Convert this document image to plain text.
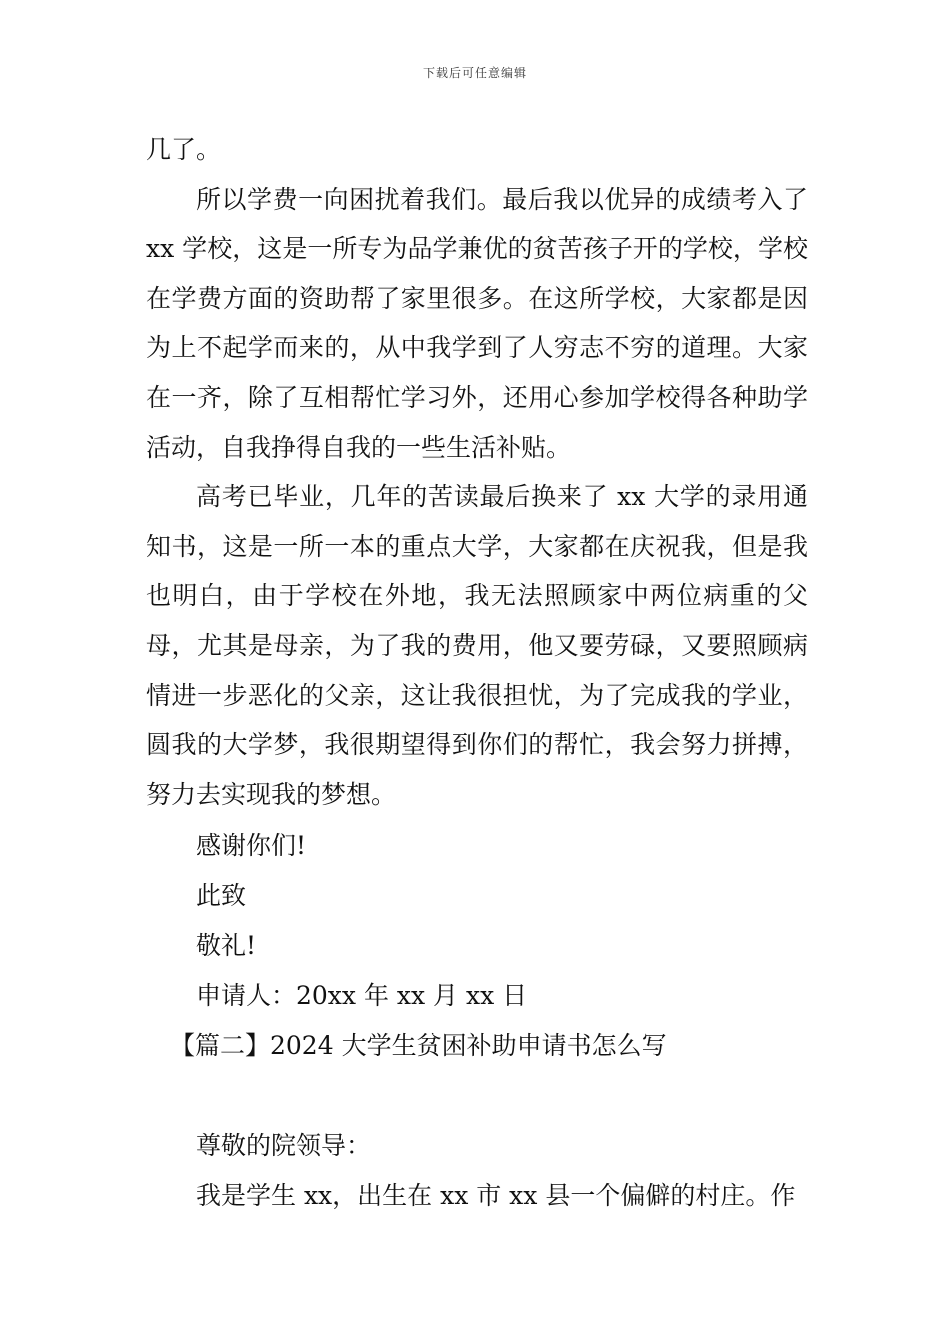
下载后可任意编辑

几了。

所以学费一向困扰着我们。最后我以优异的成绩考入了 xx 学校，这是一所专为品学兼优的贫苦孩子开的学校，学校在学费方面的资助帮了家里很多。在这所学校，大家都是因为上不起学而来的，从中我学到了人穷志不穷的道理。大家在一齐，除了互相帮忙学习外，还用心参加学校得各种助学活动，自我挣得自我的一些生活补贴。

高考已毕业，几年的苦读最后换来了 xx 大学的录用通知书，这是一所一本的重点大学，大家都在庆祝我，但是我也明白，由于学校在外地，我无法照顾家中两位病重的父母，尤其是母亲，为了我的费用，他又要劳碌，又要照顾病情进一步恶化的父亲，这让我很担忧，为了完成我的学业，圆我的大学梦，我很期望得到你们的帮忙，我会努力拼搏，努力去实现我的梦想。

感谢你们!

此致

敬礼!

申请人：20xx 年 xx 月 xx 日

【篇二】2024 大学生贫困补助申请书怎么写

尊敬的院领导：

我是学生 xx，出生在 xx 市 xx 县一个偏僻的村庄。作
